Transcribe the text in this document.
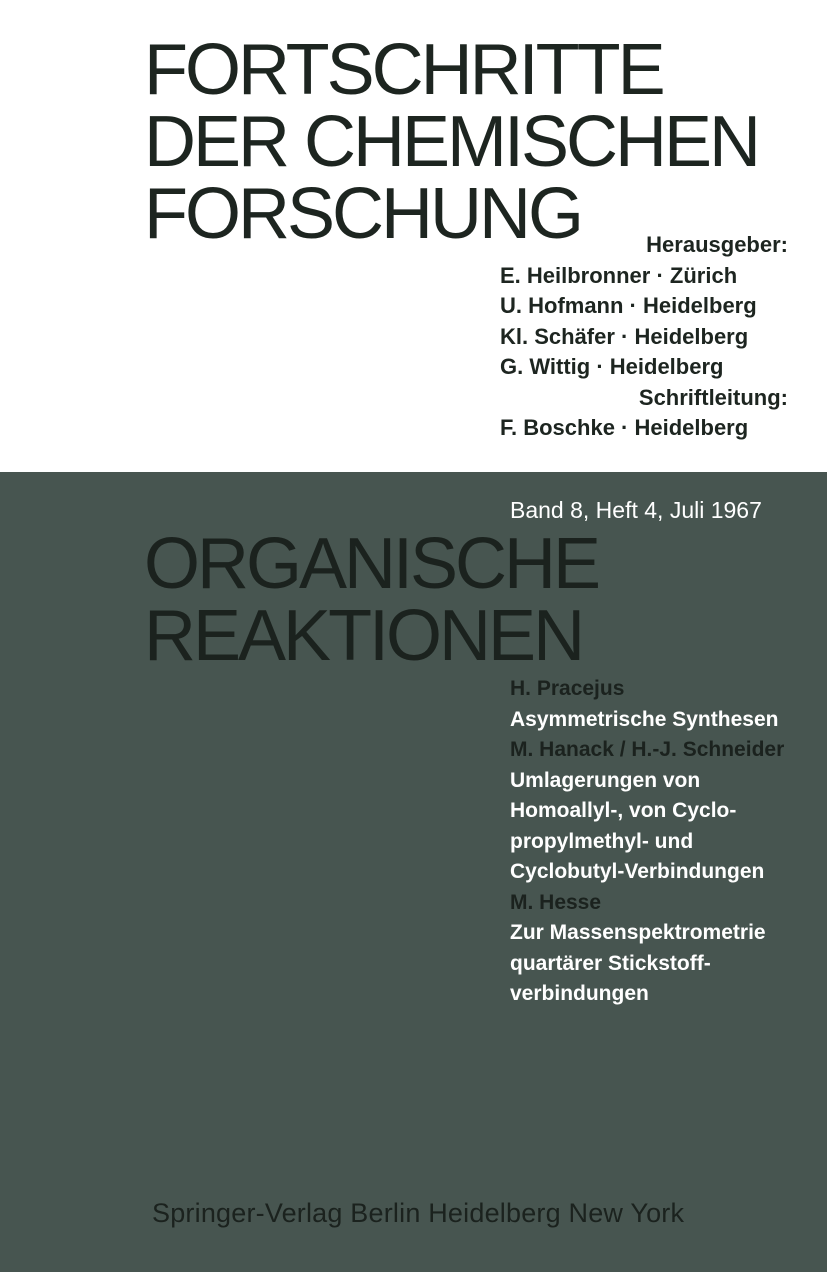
FORTSCHRITTE
DER CHEMISCHEN
FORSCHUNG	Herausgeber:
E. Heilbronner · Zürich
U. Hofmann · Heidelberg
Kl. Schäfer · Heidelberg
G. Wittig · Heidelberg
Schriftleitung:
F. Boschke · Heidelberg
Band 8, Heft 4, Juli 1967
ORGANISCHE
REAKTIONEN
H. Pracejus
Asymmetrische Synthesen
M. Hanack / H.-J. Schneider
Umlagerungen von
Homoallyl-, von Cyclo-
propylmethyl- und
Cyclobutyl-Verbindungen
M. Hesse
Zur Massenspektrometrie
quartärer Stickstoff-
verbindungen
Springer-Verlag Berlin Heidelberg New York
